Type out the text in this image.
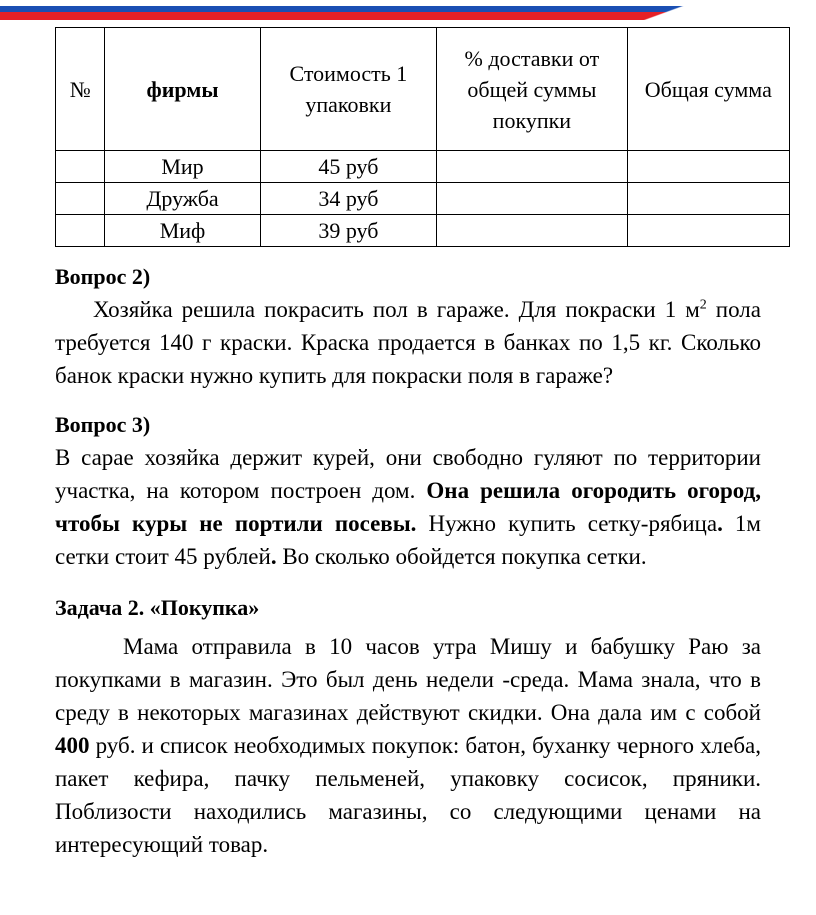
№	фирмы	Стоимость 1 упаковки	% доставки от общей суммы покупки	Общая сумма
	Мир	45 руб		
	Дружба	34 руб		
	Миф	39 руб		
Вопрос 2)

Хозяйка решила покрасить пол в гараже. Для покраски 1 $м^2$ пола требуется 140 г краски. Краска продается в банках по 1,5 кг. Сколько банок краски нужно купить для покраски поля в гараже?

Вопрос 3)

В сарае хозяйка держит курей, они свободно гуляют по территории участка, на котором построен дом. Она решила огородить огород, чтобы куры не портили посевы. Нужно купить сетку-рябица. 1м сетки стоит 45 рублей. Во сколько обойдется покупка сетки.

Задача 2. «Покупка»

Мама отправила в 10 часов утра Мишу и бабушку Раю за покупками в магазин. Это был день недели -среда. Мама знала, что в среду в некоторых магазинах действуют скидки. Она дала им с собой 400 руб. и список необходимых покупок: батон, буханку черного хлеба, пакет кефира, пачку пельменей, упаковку сосисок, пряники. Поблизости находились магазины, со следующими ценами на интересующий товар.
